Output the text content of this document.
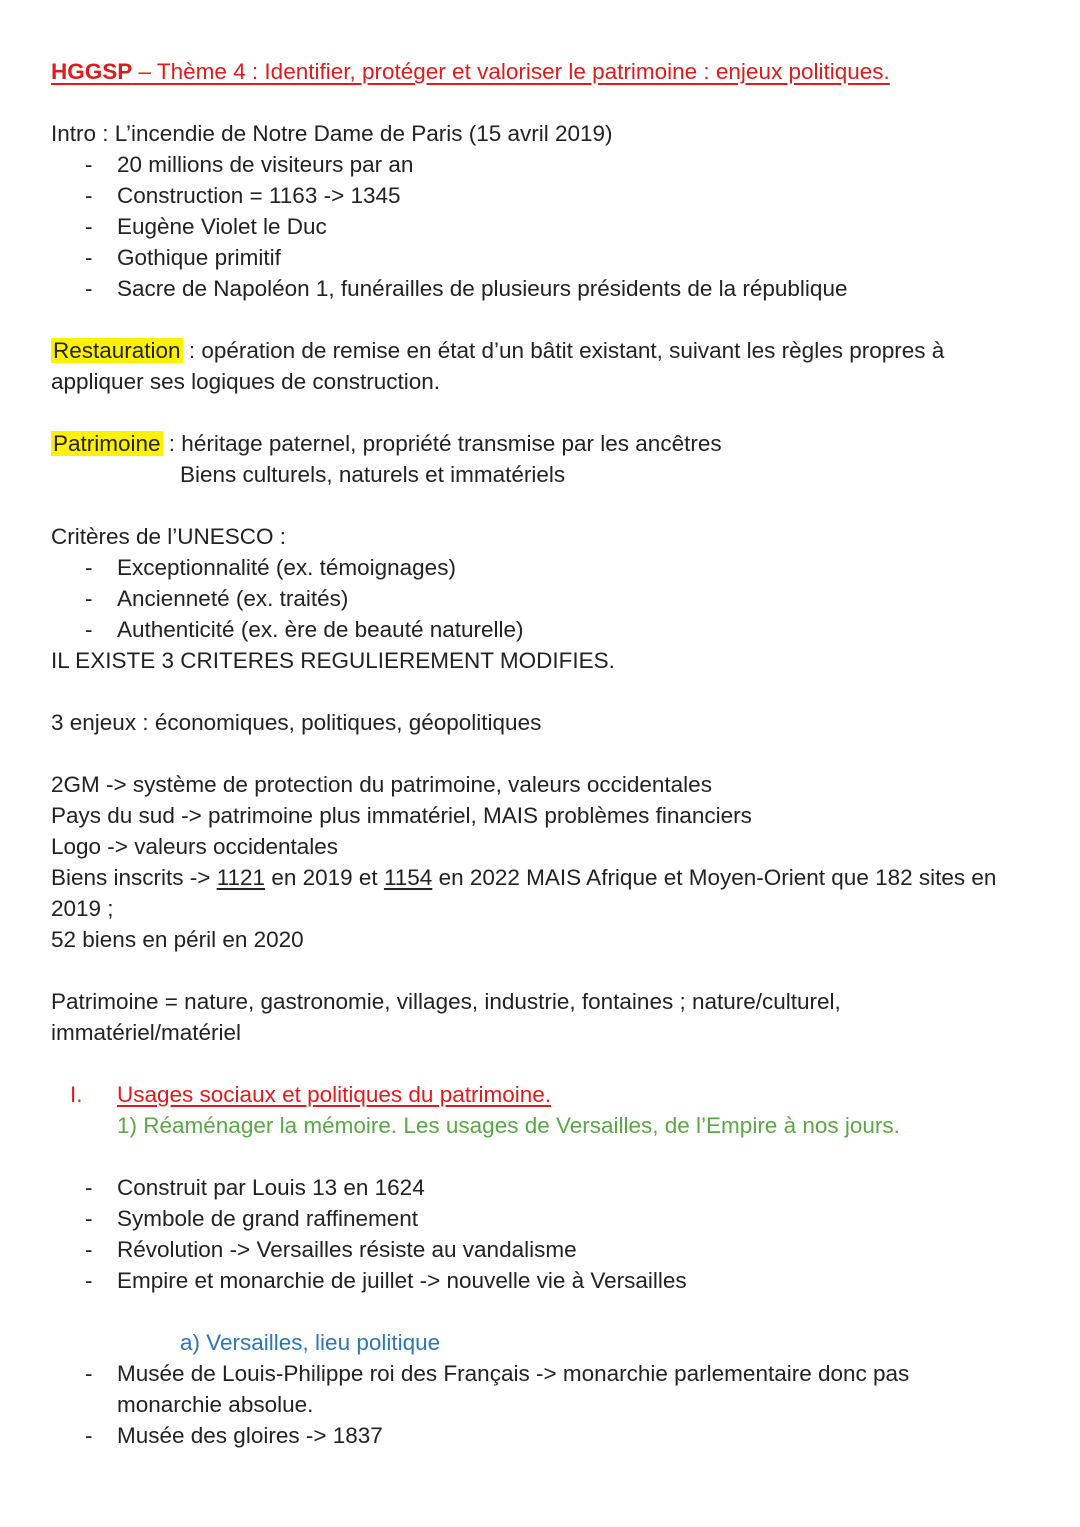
HGGSP – Thème 4 : Identifier, protéger et valoriser le patrimoine : enjeux politiques.
Intro : L’incendie de Notre Dame de Paris (15 avril 2019)
- 20 millions de visiteurs par an
- Construction = 1163 -> 1345
- Eugène Violet le Duc
- Gothique primitif
- Sacre de Napoléon 1, funérailles de plusieurs présidents de la république
Restauration : opération de remise en état d’un bâtit existant, suivant les règles propres à
appliquer ses logiques de construction.
Patrimoine : héritage paternel, propriété transmise par les ancêtres
Biens culturels, naturels et immatériels
Critères de l’UNESCO :
- Exceptionnalité (ex. témoignages)
- Ancienneté (ex. traités)
- Authenticité (ex. ère de beauté naturelle)
IL EXISTE 3 CRITERES REGULIEREMENT MODIFIES.
3 enjeux : économiques, politiques, géopolitiques
2GM -> système de protection du patrimoine, valeurs occidentales
Pays du sud -> patrimoine plus immatériel, MAIS problèmes financiers
Logo -> valeurs occidentales
Biens inscrits -> 1121 en 2019 et 1154 en 2022 MAIS Afrique et Moyen-Orient que 182 sites en
2019 ;
52 biens en péril en 2020
Patrimoine = nature, gastronomie, villages, industrie, fontaines ; nature/culturel,
immatériel/matériel
I. Usages sociaux et politiques du patrimoine.
1) Réaménager la mémoire. Les usages de Versailles, de l’Empire à nos jours.
- Construit par Louis 13 en 1624
- Symbole de grand raffinement
- Révolution -> Versailles résiste au vandalisme
- Empire et monarchie de juillet -> nouvelle vie à Versailles
a) Versailles, lieu politique
- Musée de Louis-Philippe roi des Français -> monarchie parlementaire donc pas
monarchie absolue.
- Musée des gloires -> 1837
